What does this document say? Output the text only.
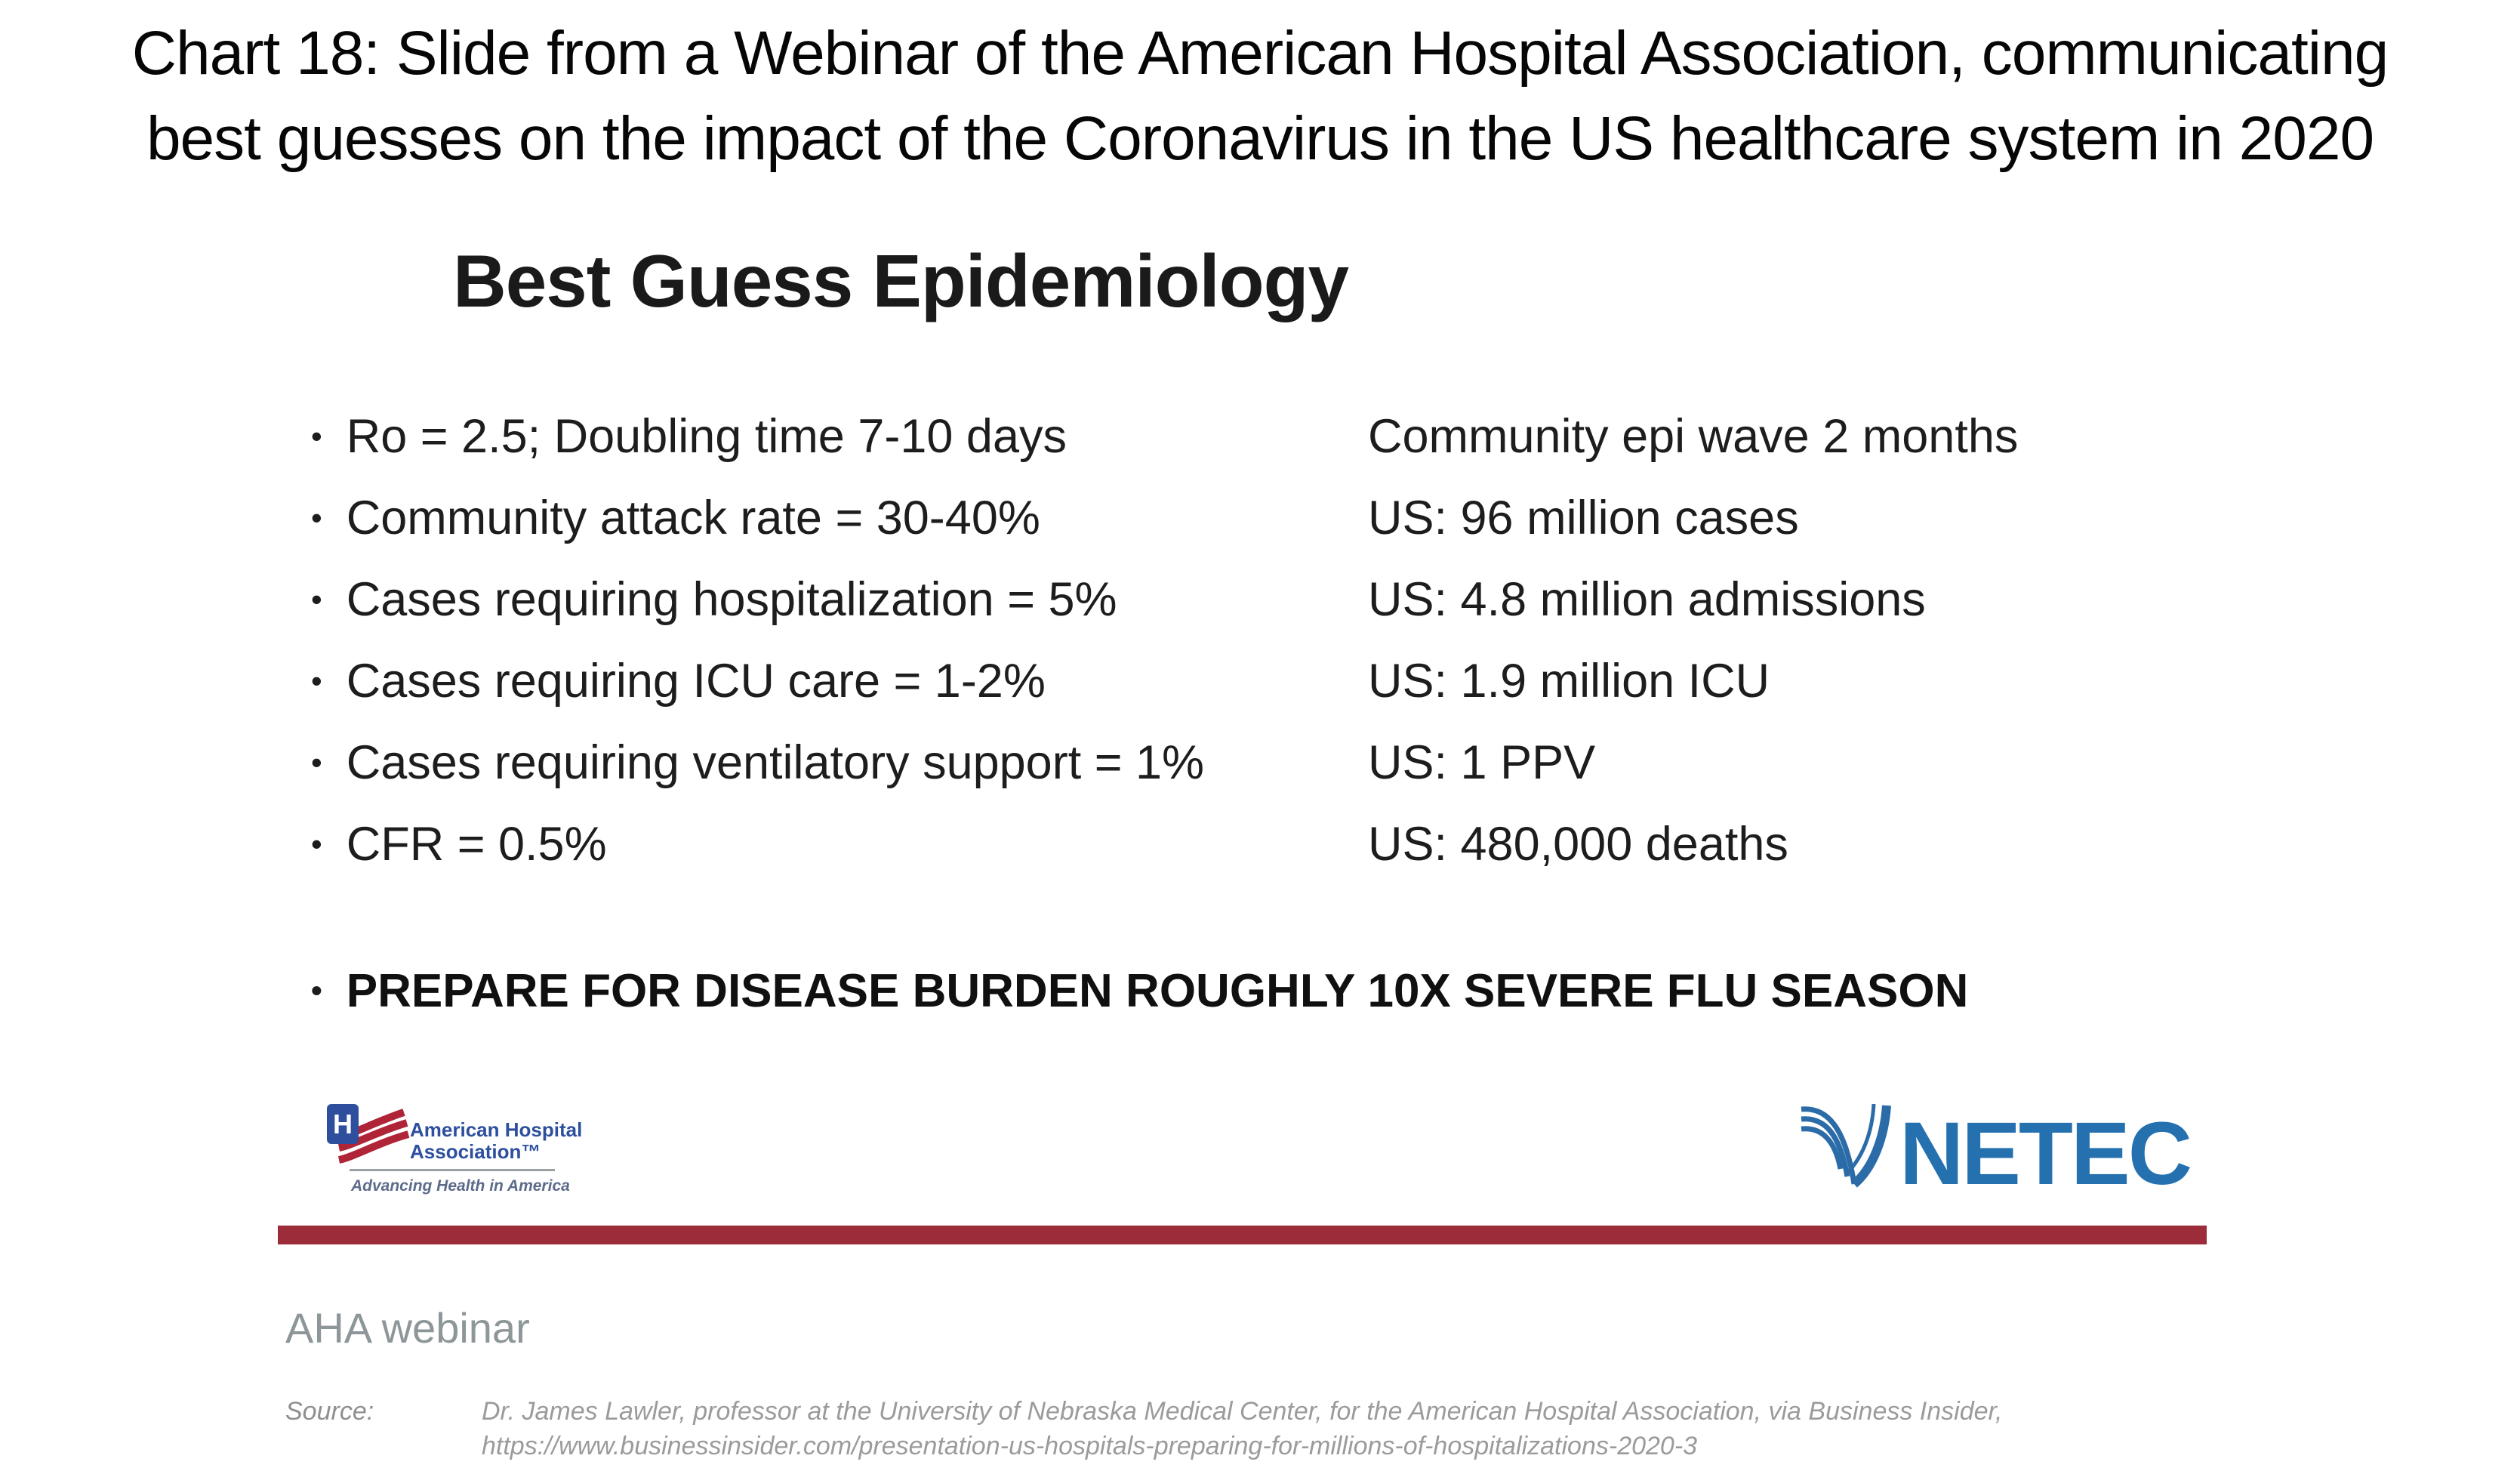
Chart 18: Slide from a Webinar of the American Hospital Association, communicating
best guesses on the impact of the Coronavirus in the US healthcare system in 2020
Best Guess Epidemiology
• Ro = 2.5; Doubling time 7-10 days	Community epi wave 2 months
• Community attack rate = 30-40%	US: 96 million cases
• Cases requiring hospitalization = 5%	US: 4.8 million admissions
• Cases requiring ICU care = 1-2%	US: 1.9 million ICU
• Cases requiring ventilatory support = 1%	US: 1 PPV
• CFR = 0.5%	US: 480,000 deaths
• PREPARE FOR DISEASE BURDEN ROUGHLY 10X SEVERE FLU SEASON
H	American Hospital
Association™
Advancing Health in America	NETEC
AHA webinar
Source:	Dr. James Lawler, professor at the University of Nebraska Medical Center, for the American Hospital Association, via Business Insider,
https://www.businessinsider.com/presentation-us-hospitals-preparing-for-millions-of-hospitalizations-2020-3
